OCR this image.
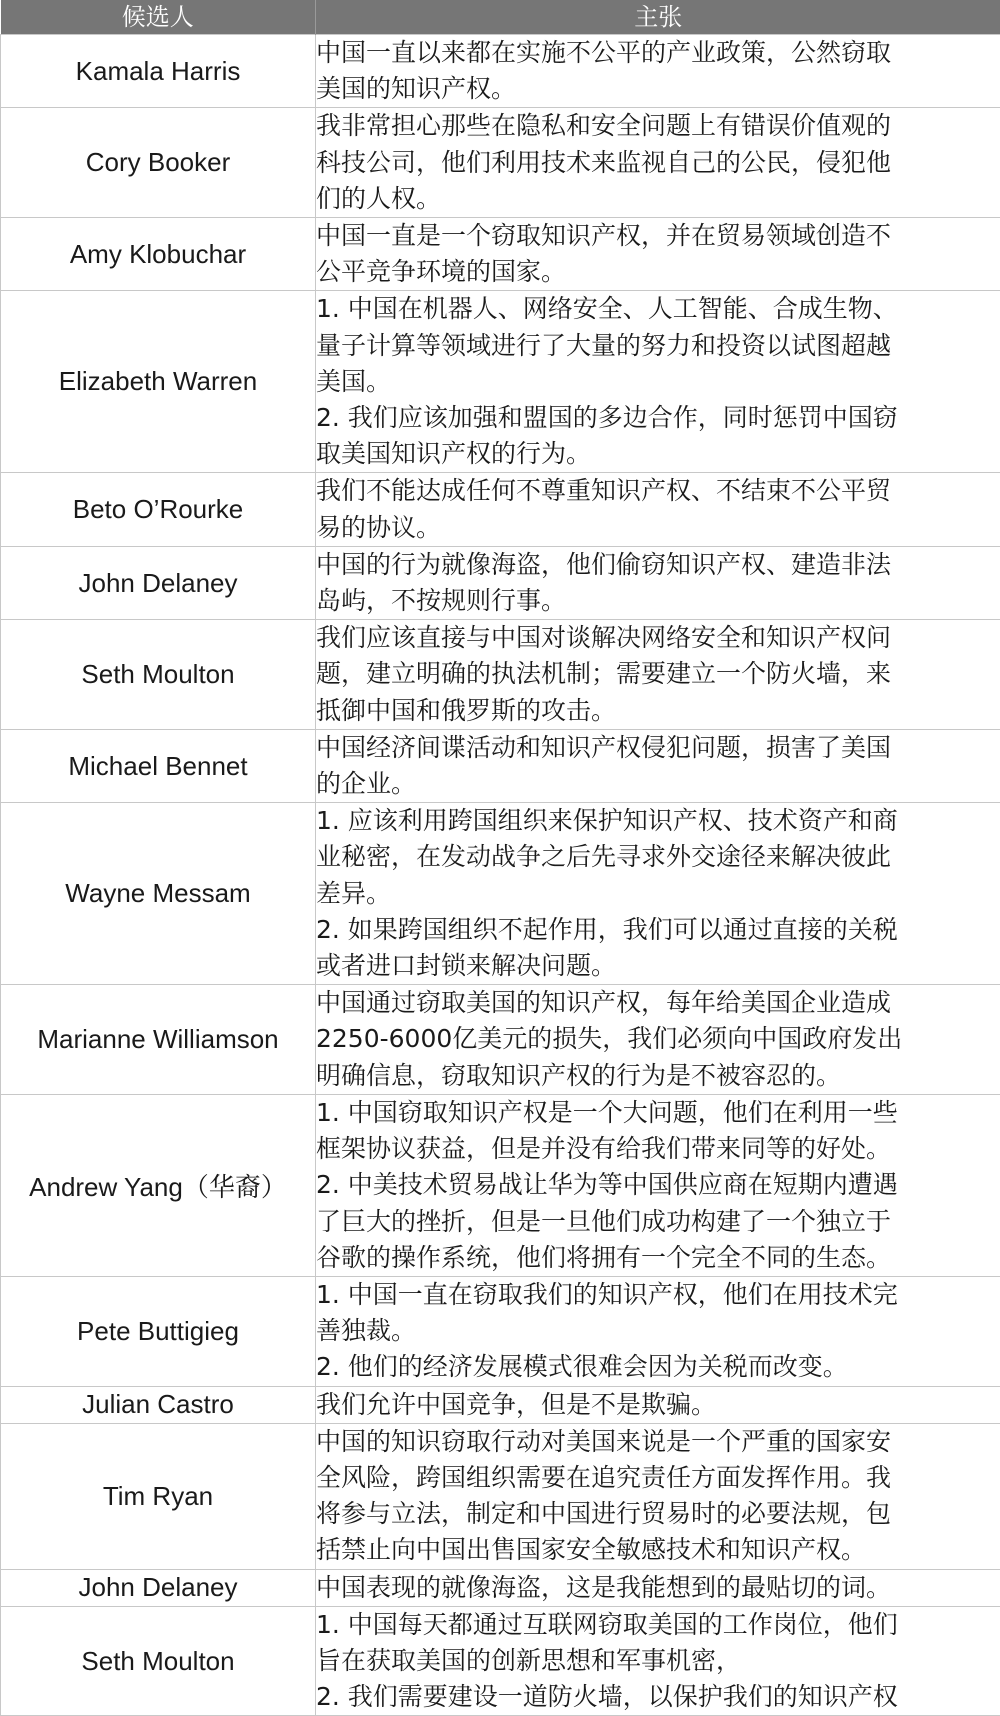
候选人	主张
Kamala Harris	中国一直以来都在实施不公平的产业政策，公然窃取
美国的知识产权。

Cory Booker	我非常担心那些在隐私和安全问题上有错误价值观的
科技公司，他们利用技术来监视自己的公民，侵犯他
们的人权。

Amy Klobuchar	中国一直是一个窃取知识产权，并在贸易领域创造不
公平竞争环境的国家。

Elizabeth Warren	1. 中国在机器人、网络安全、人工智能、合成生物、
量子计算等领域进行了大量的努力和投资以试图超越
美国。
2. 我们应该加强和盟国的多边合作，同时惩罚中国窃
取美国知识产权的行为。

Beto O’Rourke	我们不能达成任何不尊重知识产权、不结束不公平贸
易的协议。

John Delaney	中国的行为就像海盗，他们偷窃知识产权、建造非法
岛屿，不按规则行事。

Seth Moulton	我们应该直接与中国对谈解决网络安全和知识产权问
题，建立明确的执法机制；需要建立一个防火墙，来
抵御中国和俄罗斯的攻击。

Michael Bennet	中国经济间谍活动和知识产权侵犯问题，损害了美国
的企业。

Wayne Messam	1. 应该利用跨国组织来保护知识产权、技术资产和商
业秘密，在发动战争之后先寻求外交途径来解决彼此
差异。
2. 如果跨国组织不起作用，我们可以通过直接的关税
或者进口封锁来解决问题。

Marianne Williamson	中国通过窃取美国的知识产权，每年给美国企业造成
2250-6000亿美元的损失，我们必须向中国政府发出
明确信息，窃取知识产权的行为是不被容忍的。

Andrew Yang（华裔）	1. 中国窃取知识产权是一个大问题，他们在利用一些
框架协议获益，但是并没有给我们带来同等的好处。
2. 中美技术贸易战让华为等中国供应商在短期内遭遇
了巨大的挫折，但是一旦他们成功构建了一个独立于
谷歌的操作系统，他们将拥有一个完全不同的生态。

Pete Buttigieg	1. 中国一直在窃取我们的知识产权，他们在用技术完
善独裁。
2. 他们的经济发展模式很难会因为关税而改变。

Julian Castro	我们允许中国竞争，但是不是欺骗。

Tim Ryan	中国的知识窃取行动对美国来说是一个严重的国家安
全风险，跨国组织需要在追究责任方面发挥作用。我
将参与立法，制定和中国进行贸易时的必要法规，包
括禁止向中国出售国家安全敏感技术和知识产权。

John Delaney	中国表现的就像海盗，这是我能想到的最贴切的词。

Seth Moulton	1. 中国每天都通过互联网窃取美国的工作岗位，他们
旨在获取美国的创新思想和军事机密，
2. 我们需要建设一道防火墙，以保护我们的知识产权
